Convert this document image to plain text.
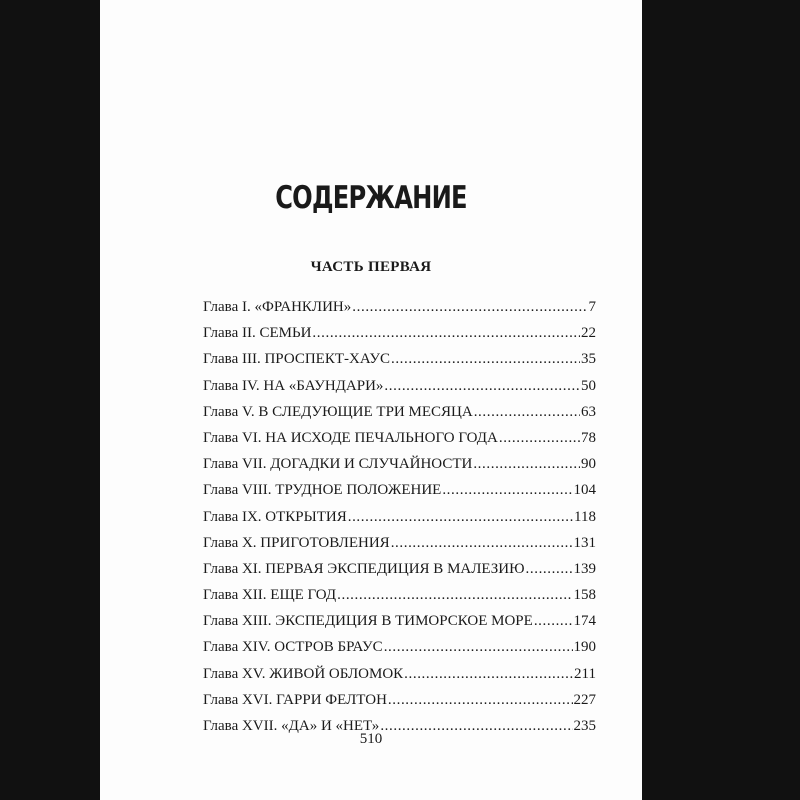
СОДЕРЖАНИЕ
ЧАСТЬ ПЕРВАЯ
Глава I. «ФРАНКЛИН» .....	7
Глава II. СЕМЬИ .....	22
Глава III. ПРОСПЕКТ-ХАУС .....	35
Глава IV. НА «БАУНДАРИ» .....	50
Глава V. В СЛЕДУЮЩИЕ ТРИ МЕСЯЦА .....	63
Глава VI. НА ИСХОДЕ ПЕЧАЛЬНОГО ГОДА .....	78
Глава VII. ДОГАДКИ И СЛУЧАЙНОСТИ .....	90
Глава VIII. ТРУДНОЕ ПОЛОЖЕНИЕ .....	104
Глава IX. ОТКРЫТИЯ .....	118
Глава X. ПРИГОТОВЛЕНИЯ .....	131
Глава XI. ПЕРВАЯ ЭКСПЕДИЦИЯ В МАЛЕЗИЮ .....	139
Глава XII. ЕЩЕ ГОД .....	158
Глава XIII. ЭКСПЕДИЦИЯ В ТИМОРСКОЕ МОРЕ .....	174
Глава XIV. ОСТРОВ БРАУС .....	190
Глава XV. ЖИВОЙ ОБЛОМОК .....	211
Глава XVI. ГАРРИ ФЕЛТОН .....	227
Глава XVII. «ДА» И «НЕТ» .....	235
510
